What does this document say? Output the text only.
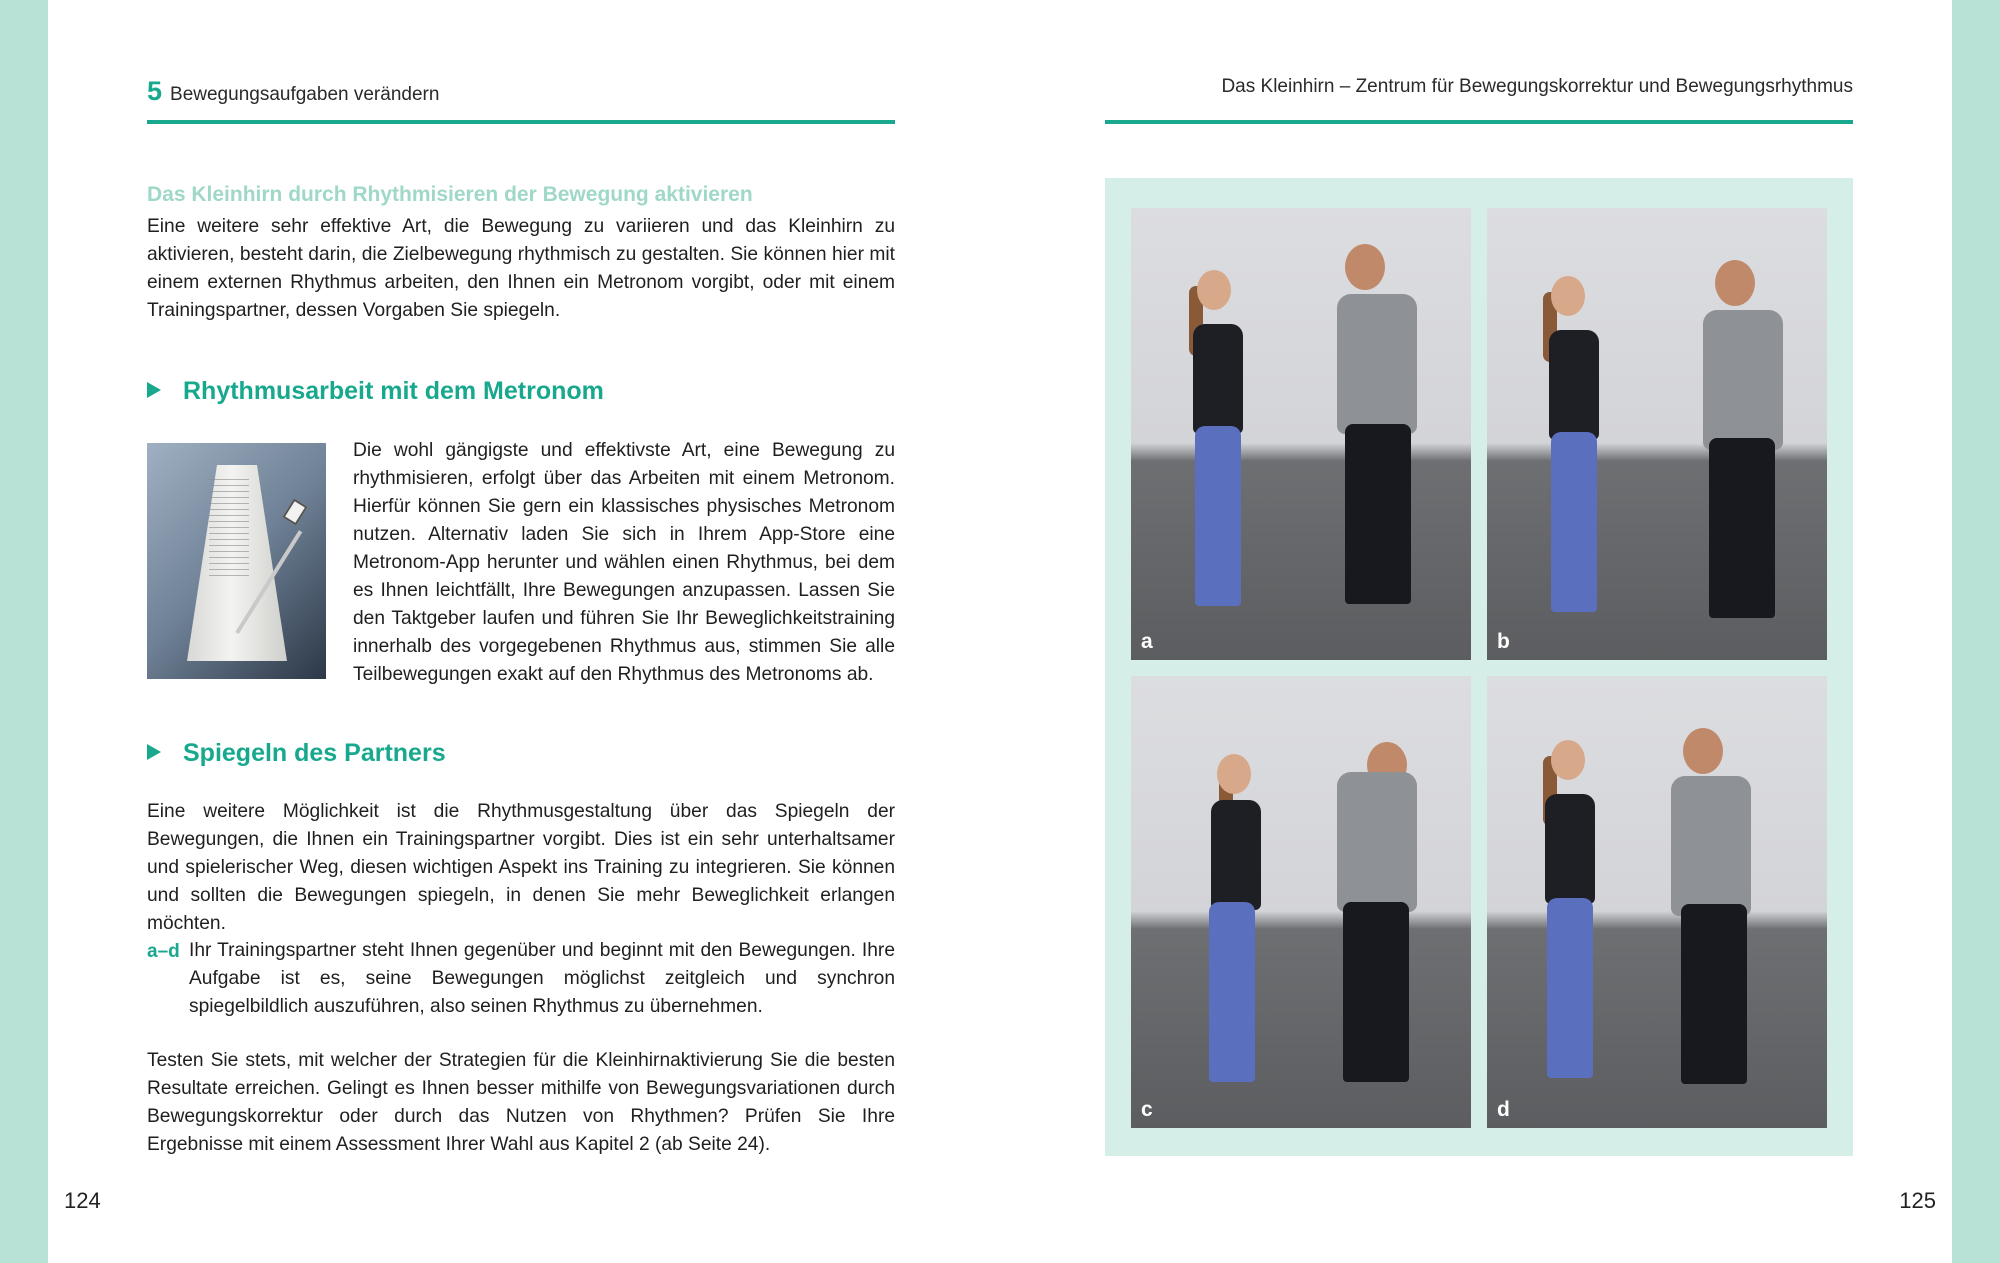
5 Bewegungsaufgaben verändern
Das Kleinhirn durch Rhythmisieren der Bewegung aktivieren

Eine weitere sehr effektive Art, die Bewegung zu variieren und das Kleinhirn zu aktivieren, besteht darin, die Zielbewegung rhythmisch zu gestalten. Sie können hier mit einem externen Rhythmus arbeiten, den Ihnen ein Metronom vorgibt, oder mit einem Trainingspartner, dessen Vorgaben Sie spiegeln.

Rhythmusarbeit mit dem Metronom

Die wohl gängigste und effektivste Art, eine Bewegung zu rhythmisieren, erfolgt über das Arbeiten mit einem Metronom. Hierfür können Sie gern ein klassisches physisches Metronom nutzen. Alternativ laden Sie sich in Ihrem App-Store eine Metronom-App herunter und wählen einen Rhythmus, bei dem es Ihnen leichtfällt, Ihre Bewegungen anzupassen. Lassen Sie den Taktgeber laufen und führen Sie Ihr Beweglichkeitstraining innerhalb des vorgegebenen Rhythmus aus, stimmen Sie alle Teilbewegungen exakt auf den Rhythmus des Metronoms ab.

Spiegeln des Partners

Eine weitere Möglichkeit ist die Rhythmusgestaltung über das Spiegeln der Bewegungen, die Ihnen ein Trainingspartner vorgibt. Dies ist ein sehr unterhaltsamer und spielerischer Weg, diesen wichtigen Aspekt ins Training zu integrieren. Sie können und sollten die Bewegungen spiegeln, in denen Sie mehr Beweglichkeit erlangen möchten.

a–d Ihr Trainingspartner steht Ihnen gegenüber und beginnt mit den Bewegungen. Ihre Aufgabe ist es, seine Bewegungen möglichst zeitgleich und synchron spiegelbildlich auszuführen, also seinen Rhythmus zu übernehmen.

Testen Sie stets, mit welcher der Strategien für die Kleinhirnaktivierung Sie die besten Resultate erreichen. Gelingt es Ihnen besser mithilfe von Bewegungsvariationen durch Bewegungskorrektur oder durch das Nutzen von Rhythmen? Prüfen Sie Ihre Ergebnisse mit einem Assessment Ihrer Wahl aus Kapitel 2 (ab Seite 24).

124
Das Kleinhirn – Zentrum für Bewegungskorrektur und Bewegungsrhythmus
a	b
c	d
125
